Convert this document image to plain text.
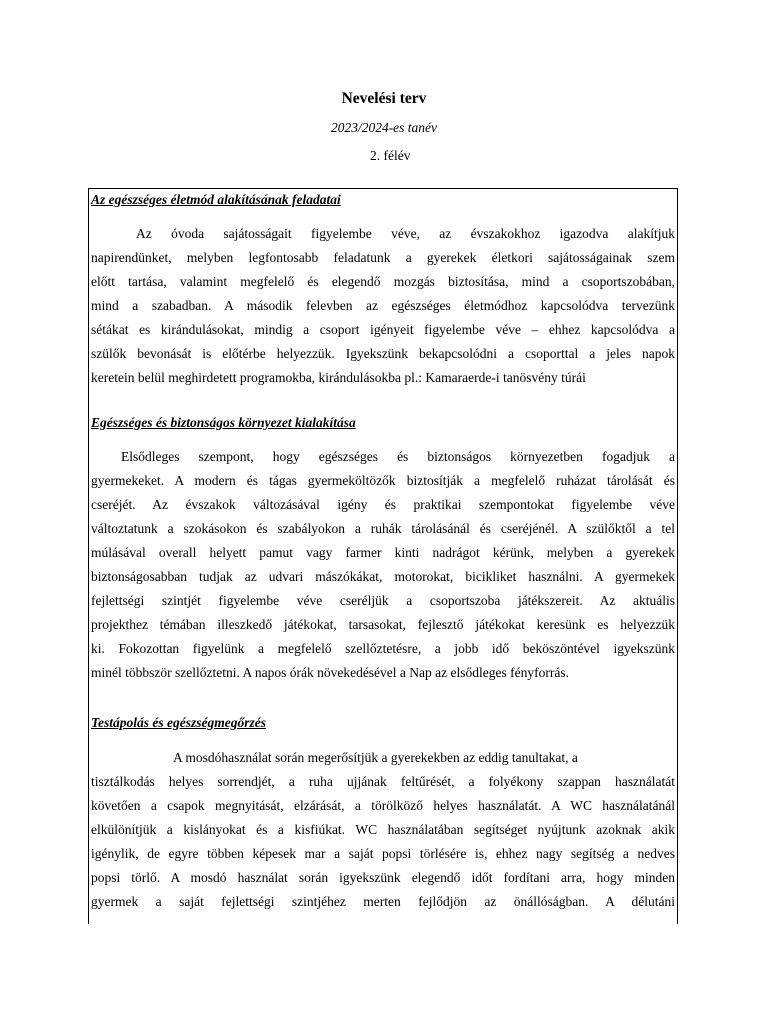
Nevelési terv
2023/2024-es tanév
2. félév
Az egészséges életmód alakításának feladatai
Az óvoda sajátosságait figyelembe véve, az évszakokhoz igazodva alakítjuk
napirendünket, melyben legfontosabb feladatunk a gyerekek életkori sajátosságainak szem
előtt tartása, valamint megfelelő és elegendő mozgás biztosítása, mind a csoportszobában,
mind a szabadban. A második felevben az egészséges életmódhoz kapcsolódva tervezünk
sétákat es kirándulásokat, mindig a csoport igényeit figyelembe véve – ehhez kapcsolódva a
szülők bevonását is előtérbe helyezzük. Igyekszünk bekapcsolódni a csoporttal a jeles napok
keretein belül meghirdetett programokba, kirándulásokba pl.: Kamaraerde-i tanösvény túrái
Egészséges és biztonságos környezet kialakítása
Elsődleges szempont, hogy egészséges és biztonságos környezetben fogadjuk a
gyermekeket. A modern és tágas gyermeköltözők biztosítják a megfelelő ruházat tárolását és
cseréjét. Az évszakok változásával igény és praktikai szempontokat figyelembe véve
változtatunk a szokásokon és szabályokon a ruhák tárolásánál és cseréjénél. A szülőktől a tel
múlásával overall helyett pamut vagy farmer kinti nadrágot kérünk, melyben a gyerekek
biztonságosabban tudjak az udvari mászókákat, motorokat, bicikliket használni. A gyermekek
fejlettségi szintjét figyelembe véve cseréljük a csoportszoba játékszereit. Az aktuális
projekthez témában illeszkedő játékokat, tarsasokat, fejlesztő játékokat keresünk es helyezzük
ki. Fokozottan figyelünk a megfelelő szellőztetésre, a jobb idő beköszöntével igyekszünk
minél többször szellőztetni. A napos órák növekedésével a Nap az elsődleges fényforrás.
Testápolás és egészségmegőrzés
A mosdóhasználat során megerősítjük a gyerekekben az eddig tanultakat, a
tisztálkodás helyes sorrendjét, a ruha ujjának feltűrését, a folyékony szappan használatát
követően a csapok megnyitását, elzárását, a törölköző helyes használatát. A WC használatánál
elkülönítjük a kislányokat és a kisfiúkat. WC használatában segítséget nyújtunk azoknak akik
igénylik, de egyre többen képesek mar a saját popsi törlésére is, ehhez nagy segítség a nedves
popsi törlő. A mosdó használat során igyekszünk elegendő időt fordítani arra, hogy minden
gyermek a saját fejlettségi szintjéhez merten fejlődjön az önállóságban. A délutáni
